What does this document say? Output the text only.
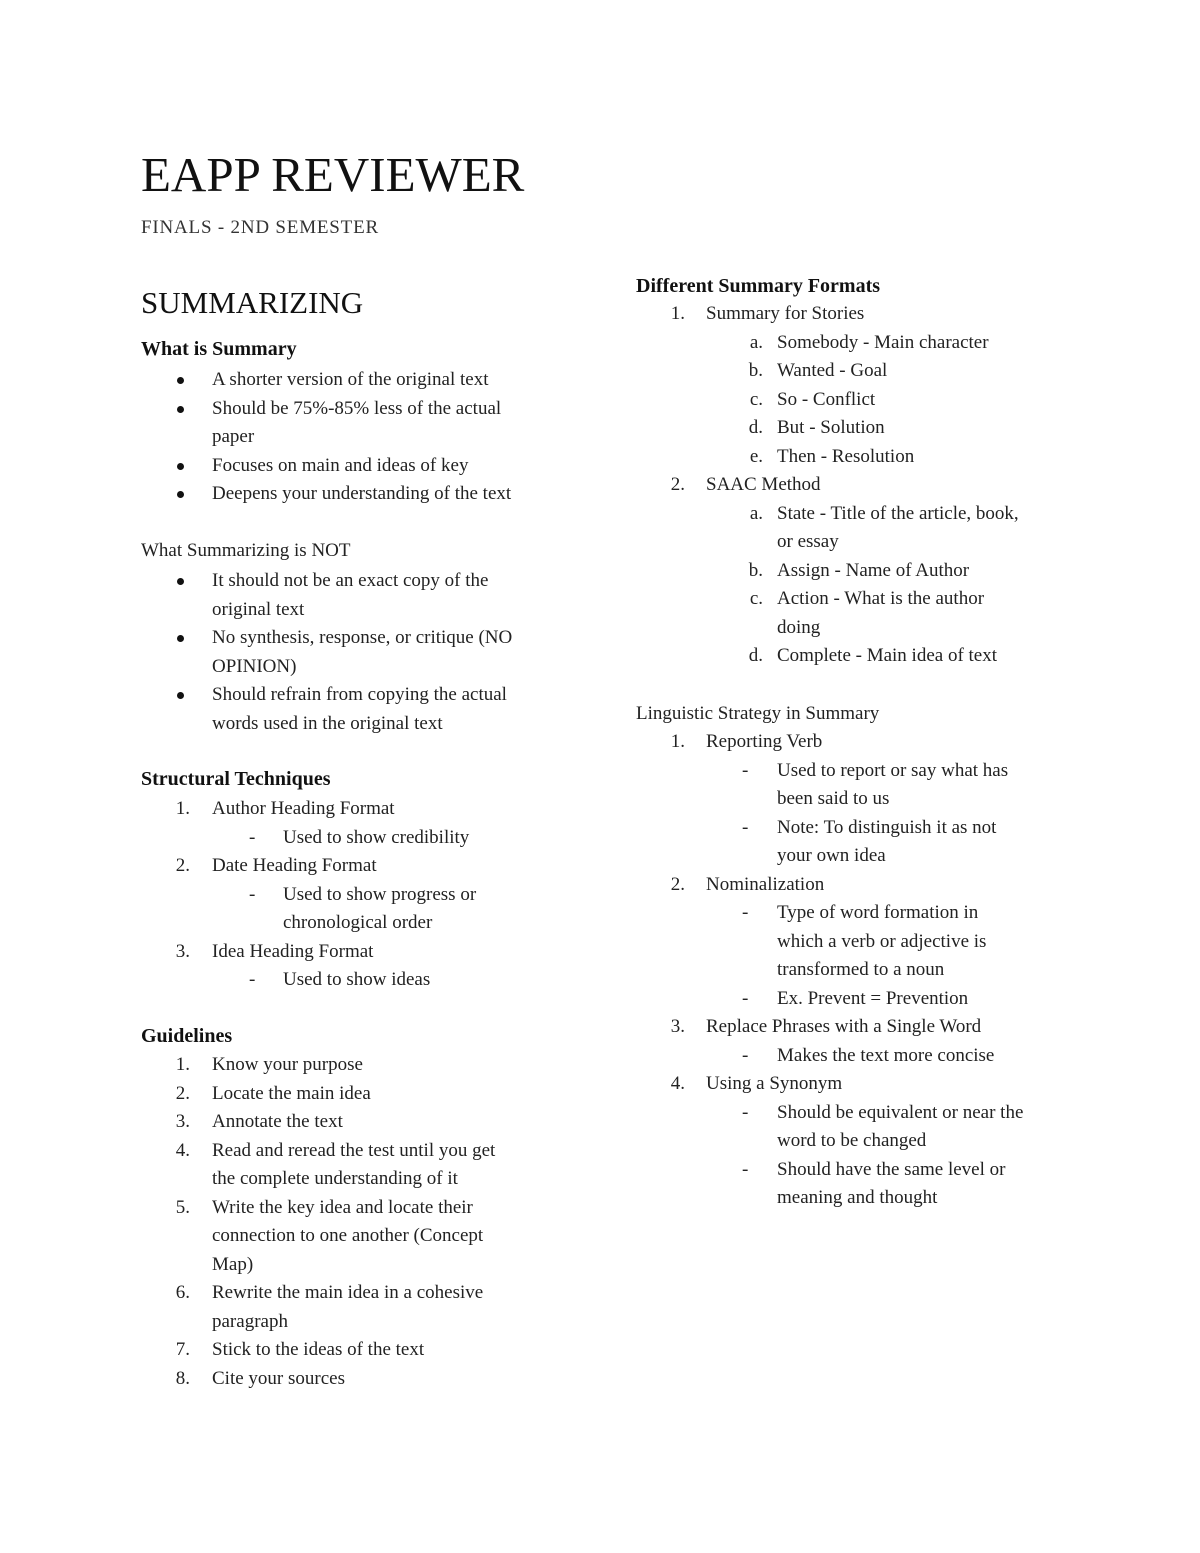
EAPP REVIEWER
FINALS - 2ND SEMESTER
SUMMARIZING
What is Summary
A shorter version of the original text
Should be 75%-85% less of the actual
paper
Focuses on main and ideas of key
Deepens your understanding of the text
What Summarizing is NOT
It should not be an exact copy of the
original text
No synthesis, response, or critique (NO
OPINION)
Should refrain from copying the actual
words used in the original text
Structural Techniques
1. Author Heading Format
- Used to show credibility
2. Date Heading Format
- Used to show progress or
chronological order
3. Idea Heading Format
- Used to show ideas
Guidelines
1. Know your purpose
2. Locate the main idea
3. Annotate the text
4. Read and reread the test until you get
the complete understanding of it
5. Write the key idea and locate their
connection to one another (Concept
Map)
6. Rewrite the main idea in a cohesive
paragraph
7. Stick to the ideas of the text
8. Cite your sources
Different Summary Formats
1. Summary for Stories
a. Somebody - Main character
b. Wanted - Goal
c. So - Conflict
d. But - Solution
e. Then - Resolution
2. SAAC Method
a. State - Title of the article, book,
or essay
b. Assign - Name of Author
c. Action - What is the author
doing
d. Complete - Main idea of text
Linguistic Strategy in Summary
1. Reporting Verb
- Used to report or say what has
been said to us
- Note: To distinguish it as not
your own idea
2. Nominalization
- Type of word formation in
which a verb or adjective is
transformed to a noun
- Ex. Prevent = Prevention
3. Replace Phrases with a Single Word
- Makes the text more concise
4. Using a Synonym
- Should be equivalent or near the
word to be changed
- Should have the same level or
meaning and thought
